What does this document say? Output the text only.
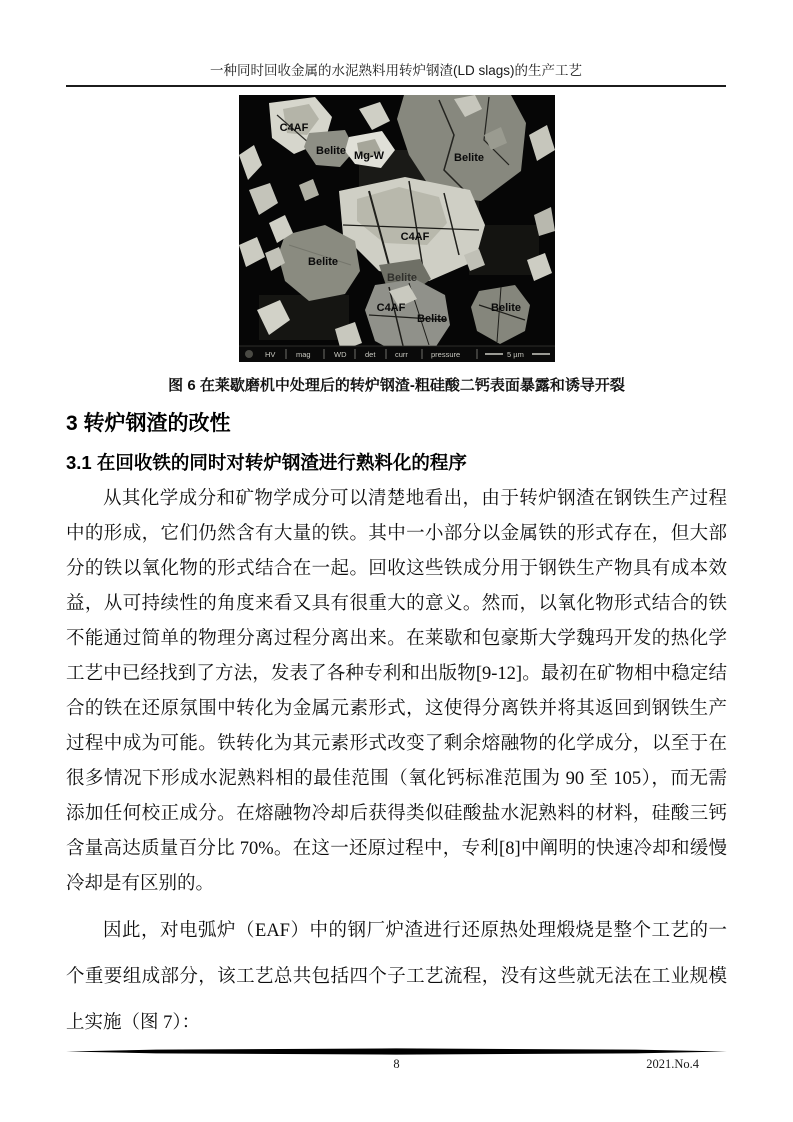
一种同时回收金属的水泥熟料用转炉钢渣(LD slags)的生产工艺
C4AF
Belite Mg-W	Belite
C4AF
Belite
Belite
C4AF
Belite
Belite
HV	mag	WD det	curr	pressure	5 µm
图 6 在莱歇磨机中处理后的转炉钢渣-粗硅酸二钙表面暴露和诱导开裂
3 转炉钢渣的改性
3.1 在回收铁的同时对转炉钢渣进行熟料化的程序

从其化学成分和矿物学成分可以清楚地看出，由于转炉钢渣在钢铁生产过程中的形成，它们仍然含有大量的铁。其中一小部分以金属铁的形式存在，但大部分的铁以氧化物的形式结合在一起。回收这些铁成分用于钢铁生产物具有成本效益，从可持续性的角度来看又具有很重大的意义。然而，以氧化物形式结合的铁不能通过简单的物理分离过程分离出来。在莱歇和包豪斯大学魏玛开发的热化学工艺中已经找到了方法，发表了各种专利和出版物[9-12]。最初在矿物相中稳定结合的铁在还原氛围中转化为金属元素形式，这使得分离铁并将其返回到钢铁生产过程中成为可能。铁转化为其元素形式改变了剩余熔融物的化学成分，以至于在很多情况下形成水泥熟料相的最佳范围（氧化钙标准范围为 90 至 105），而无需添加任何校正成分。在熔融物冷却后获得类似硅酸盐水泥熟料的材料，硅酸三钙含量高达质量百分比 70%。在这一还原过程中，专利[8]中阐明的快速冷却和缓慢冷却是有区别的。

因此，对电弧炉（EAF）中的钢厂炉渣进行还原热处理煅烧是整个工艺的一个重要组成部分，该工艺总共包括四个子工艺流程，没有这些就无法在工业规模上实施（图 7）：

8	2021.No.4
